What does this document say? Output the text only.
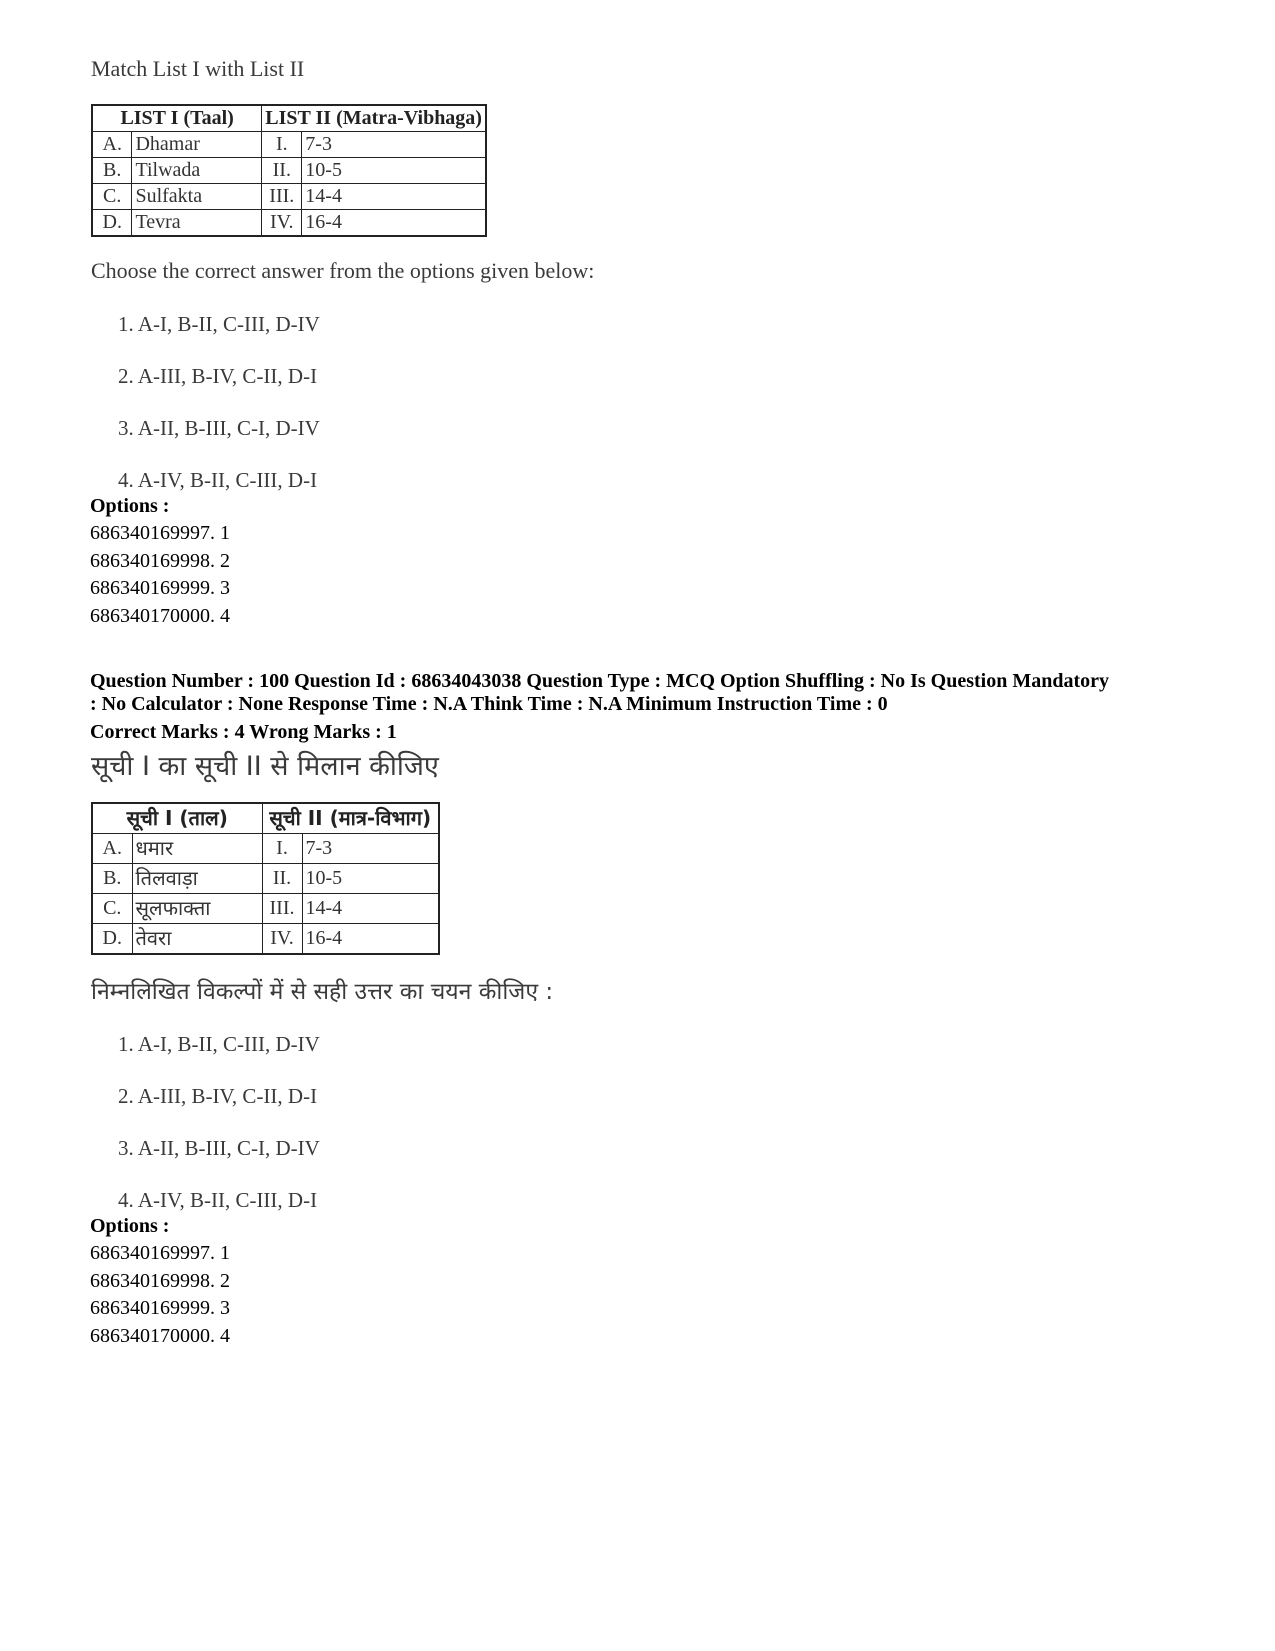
Match List I with List II
LIST I (Taal)		LIST II (Matra-Vibhaga)	
A.	Dhamar	I.	7-3
B.	Tilwada	II.	10-5
C.	Sulfakta	III.	14-4
D.	Tevra	IV.	16-4
Choose the correct answer from the options given below:
1. A-I, B-II, C-III, D-IV
2. A-III, B-IV, C-II, D-I
3. A-II, B-III, C-I, D-IV
4. A-IV, B-II, C-III, D-I
Options :
686340169997. 1
686340169998. 2
686340169999. 3
686340170000. 4
Question Number : 100 Question Id : 68634043038 Question Type : MCQ Option Shuffling : No Is Question Mandatory
: No Calculator : None Response Time : N.A Think Time : N.A Minimum Instruction Time : 0
Correct Marks : 4 Wrong Marks : 1
सूची I का सूची II से मिलान कीजिए
सूची I (ताल)		सूची II (मात्र-विभाग)	
A.	धमार	I.	7-3
B.	तिलवाड़ा	II.	10-5
C.	सूलफाक्ता	III.	14-4
D.	तेवरा	IV.	16-4
निम्नलिखित विकल्पों में से सही उत्तर का चयन कीजिए :
1. A-I, B-II, C-III, D-IV
2. A-III, B-IV, C-II, D-I
3. A-II, B-III, C-I, D-IV
4. A-IV, B-II, C-III, D-I
Options :
686340169997. 1
686340169998. 2
686340169999. 3
686340170000. 4
